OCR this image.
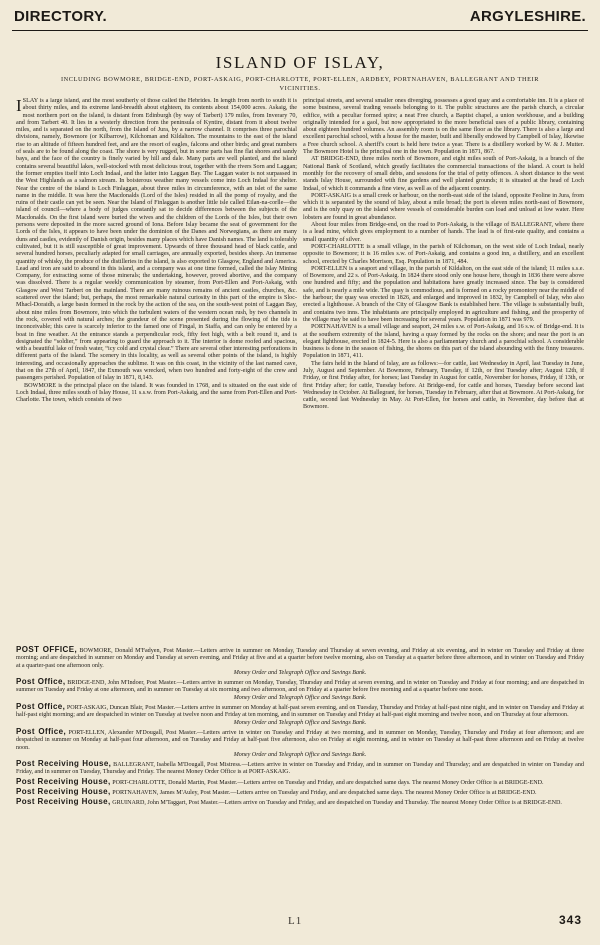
DIRECTORY.	ARGYLESHIRE.
ISLAND OF ISLAY,
INCLUDING BOWMORE, BRIDGE-END, PORT-ASKAIG, PORT-CHARLOTTE, PORT-ELLEN, ARDBEY, PORTNAHAVEN, BALLEGRANT AND THEIR VICINITIES.

ISLAY is a large island, and the most southerly of those called the Hebrides. In length from north to south it is about thirty miles, and its extreme land-breadth about eighteen, its contents about 154,000 acres. Askaig, the most northern port on the island, is distant from Edinburgh (by way of Tarbert) 179 miles, from Inverary 70, and from Tarbert 40. It lies in a westerly direction from the peninsula of Kyntire, distant from it about twelve miles, and is separated on the north, from the Island of Jura, by a narrow channel. It comprises three parochial divisions, namely, Bowmore (or Kilbarrow), Kilchoman and Kildalton. The mountains to the east of the island rise to an altitude of fifteen hundred feet, and are the resort of eagles, falcons and other birds; and great numbers of seals are to be found along the coast. The shore is very rugged, but in some parts has fine flat shores and sandy bays, and the face of the country is finely varied by hill and dale. Many parts are well planted, and the island contains several beautiful lakes, well-stocked with most delicious trout, together with the rivers Sorn and Laggan; the former empties itself into Loch Indaal, and the latter into Laggan Bay. The Laggan water is not surpassed in the West Highlands as a salmon stream. In boisterous weather many vessels come into Loch Indaal for shelter. Near the centre of the island is Loch Finlaggan, about three miles in circumference, with an islet of the same name in the middle. It was here the Macdonalds (Lord of the Isles) resided in all the pomp of royalty, and the ruins of their castle can yet be seen. Near the Island of Finlaggan is another little isle called Eilan-na-corlle—the island of council—where a body of judges constantly sat to decide differences between the subjects of the Macdonalds. On the first island were buried the wives and the children of the Lords of the Isles, but their own persons were deposited in the more sacred ground of Iona. Before Islay became the seat of government for the Lords of the Isles, it appears to have been under the dominion of the Danes and Norwegians, as there are many duns and castles, evidently of Danish origin, besides many places which have Danish names. The land is tolerably cultivated, but it is still susceptible of great improvement. Upwards of three thousand head of black cattle, and several hundred horses, peculiarly adapted for small carriages, are annually exported, besides sheep. An immense quantity of whisky, the produce of the distilleries in the island, is also exported to Glasgow, England and America. Lead and iron are said to abound in this island, and a company was at one time formed, called the Islay Mining Company, for extracting some of those minerals; the undertaking, however, proved abortive, and the company was dissolved. There is a regular weekly communication by steamer, from Port-Ellen and Port-Askaig, with Glasgow and West Tarbert on the mainland. There are many ruinous remains of ancient castles, churches, &c. scattered over the island; but, perhaps, the most remarkable natural curiosity in this part of the empire is Sloc-Mhacl-Doraidh, a large basin formed in the rock by the action of the sea, on the south-west point of Laggan Bay, about nine miles from Bowmore, into which the turbulent waters of the western ocean rush, by two channels in the rock, covered with natural arches; the grandeur of the scene presented during the flowing of the tide is inconceivable; this cave is scarcely inferior to the famed one of Fingal, in Staffa, and can only be entered by a boat in fine weather. At the entrance stands a perpendicular rock, fifty feet high, with a belt round it, and is designated the “soldier,” from appearing to guard the approach to it. The interior is dome roofed and spacious, with a beautiful lake of fresh water, “icy cold and crystal clear.” There are several other interesting perforations in different parts of the island. The scenery in this locality, as well as several other points of the island, is highly interesting, and occasionally approaches the sublime. It was on this coast, in the vicinity of the last named cave, that on the 27th of April, 1847, the Exmouth was wrecked, when two hundred and forty-eight of the crew and passengers perished. Population of Islay in 1871, 8,143.

BOWMORE is the principal place on the island. It was founded in 1768, and is situated on the east side of Loch Indaal, three miles south of Islay House, 11 s.s.w. from Port-Askaig, and the same from Port-Ellen and Port-Charlotte. The town, which consists of two

principal streets, and several smaller ones diverging, possesses a good quay and a comfortable inn. It is a place of some business, several trading vessels belonging to it. The public structures are the parish church, a circular edifice, with a peculiar formed spire; a neat Free church, a Baptist chapel, a union workhouse, and a building originally intended for a gaol, but now appropriated to the more beneficial uses of a public library, containing about eighteen hundred volumes. An assembly room is on the same floor as the library. There is also a large and excellent parochial school, with a house for the master, built and liberally endowed by Campbell of Islay, likewise a Free church school. A sheriff's court is held here twice a year. There is a distillery worked by W. & J. Mutter. The Bowmore Hotel is the principal one in the town. Population in 1871, 867.

AT BRIDGE-END, three miles north of Bowmore, and eight miles south of Port-Askaig, is a branch of the National Bank of Scotland, which greatly facilitates the commercial transactions of the island. A court is held monthly for the recovery of small debts, and sessions for the trial of petty offences. A short distance to the west stands Islay House, surrounded with fine gardens and well planted grounds; it is situated at the head of Loch Indaal, of which it commands a fine view, as well as of the adjacent country.

PORT-ASKAIG is a small creek or harbour, on the north-east side of the island, opposite Feoline in Jura, from which it is separated by the sound of Islay, about a mile broad; the port is eleven miles north-east of Bowmore, and is the only quay on the island where vessels of considerable burden can load and unload at low water. Here lobsters are found in great abundance.

About four miles from Bridge-end, on the road to Port-Askaig, is the village of BALLEGRANT, where there is a lead mine, which gives employment to a number of hands. The lead is of first-rate quality, and contains a small quantity of silver.

PORT-CHARLOTTE is a small village, in the parish of Kilchoman, on the west side of Loch Indaal, nearly opposite to Bowmore; it is 16 miles s.w. of Port-Askaig, and contains a good inn, a distillery, and an excellent school, erected by Charles Morrison, Esq. Population in 1871, 484.

PORT-ELLEN is a seaport and village, in the parish of Kildalton, on the east side of the island; 11 miles s.s.e. of Bowmore, and 22 s. of Port-Askaig. In 1824 there stood only one house here, though in 1836 there were above one hundred and fifty; and the population and habitations have greatly increased since. The bay is considered safe, and is nearly a mile wide. The quay is commodious, and is formed on a rocky promontory near the middle of the harbour; the quay was erected in 1826, and enlarged and improved in 1832, by Campbell of Islay, who also erected a lighthouse. A branch of the City of Glasgow Bank is established here. The village is substantially built, and contains two inns. The inhabitants are principally employed in agriculture and fishing, and the prosperity of the village may be said to have been increasing for several years. Population in 1871 was 979.

PORTNAHAVEN is a small village and seaport, 24 miles s.w. of Port-Askaig, and 16 s.w. of Bridge-end. It is at the southern extremity of the island, having a quay formed by the rocks on the shore; and near the port is an elegant lighthouse, erected in 1824-5. Here is also a parliamentary church and a parochial school. A considerable business is done in the season of fishing, the shores on this part of the island abounding with the finny treasures. Population in 1871, 411.

The fairs held in the Island of Islay, are as follows:—for cattle, last Wednesday in April, last Tuesday in June, July, August and September. At Bowmore, February, Tuesday, if 12th, or first Tuesday after; August 12th, if Friday, or first Friday after, for horses; last Tuesday in August for cattle, November for horses, Friday, if 13th, or first Friday after; for cattle, Tuesday before. At Bridge-end, for cattle and horses, Tuesday before second last Wednesday in October. At Ballegrant, for horses, Tuesday in February, after that at Bowmore. At Port-Askaig, for cattle, second last Wednesday in May. At Port-Ellen, for horses and cattle, in November, day before that at Bowmore.

POST OFFICE, BOWMORE, Donald M'Fadyen, Post Master.—Letters arrive in summer on Monday, Tuesday and Thursday at seven evening, and Friday at six evening, and in winter on Tuesday and Friday at three morning; and are despatched in summer on Monday and Tuesday at seven evening, and Friday at five and at a quarter before twelve morning, also on Tuesday at a quarter before three afternoon, and in winter on Tuesday and Friday at a quarter-past one afternoon only.
Money Order and Telegraph Office and Savings Bank.
Post Office, BRIDGE-END, John M'Indoer, Post Master.—Letters arrive in summer on Monday, Tuesday, Thursday and Friday at seven evening, and in winter on Tuesday and Friday at four morning; and are despatched in summer on Tuesday and Friday at one afternoon, and in summer on Tuesday at six morning and two afternoon, and on Friday at a quarter before five morning and at a quarter before one noon.
Money Order and Telegraph Office and Savings Bank.
Post Office, PORT-ASKAIG, Duncan Blair, Post Master.—Letters arrive in summer on Monday at half-past seven evening, and on Tuesday, Thursday and Friday at half-past nine night, and in winter on Tuesday and Friday at half-past eight morning; and are despatched in winter on Tuesday at twelve noon and Friday at ten morning, and in summer on Tuesday and Friday at half-past eight morning and twelve noon, and on Thursday at four afternoon.
Money Order and Telegraph Office and Savings Bank.
Post Office, PORT-ELLEN, Alexander M'Dougall, Post Master.—Letters arrive in winter on Tuesday and Friday at two morning, and in summer on Monday, Tuesday, Thursday and Friday at four afternoon; and are despatched in summer on Monday at half-past four afternoon, and on Tuesday and Friday at half-past five afternoon, also on Friday at eight morning, and in winter on Tuesday at half-past three afternoon and on Friday at twelve noon.
Money Order and Telegraph Office and Savings Bank.
Post Receiving House, BALLEGRANT, Isabella M'Dougall, Post Mistress.—Letters arrive in winter on Tuesday and Friday, and in summer on Tuesday and Thursday; and are despatched in winter on Tuesday and Friday, and in summer on Tuesday, Thursday and Friday. The nearest Money Order Office is at PORT-ASKAIG.
Post Receiving House, PORT-CHARLOTTE, Donald Martin, Post Master.—Letters arrive on Tuesday and Friday, and are despatched same days. The nearest Money Order Office is at BRIDGE-END.
Post Receiving House, PORTNAHAVEN, James M'Auley, Post Master.—Letters arrive on Tuesday and Friday, and are despatched same days. The nearest Money Order Office is at BRIDGE-END.
Post Receiving House, GRUINARD, John M'Taggart, Post Master.—Letters arrive on Tuesday and Friday, and are despatched on Tuesday and Thursday. The nearest Money Order Office is at BRIDGE-END.
L1	343
